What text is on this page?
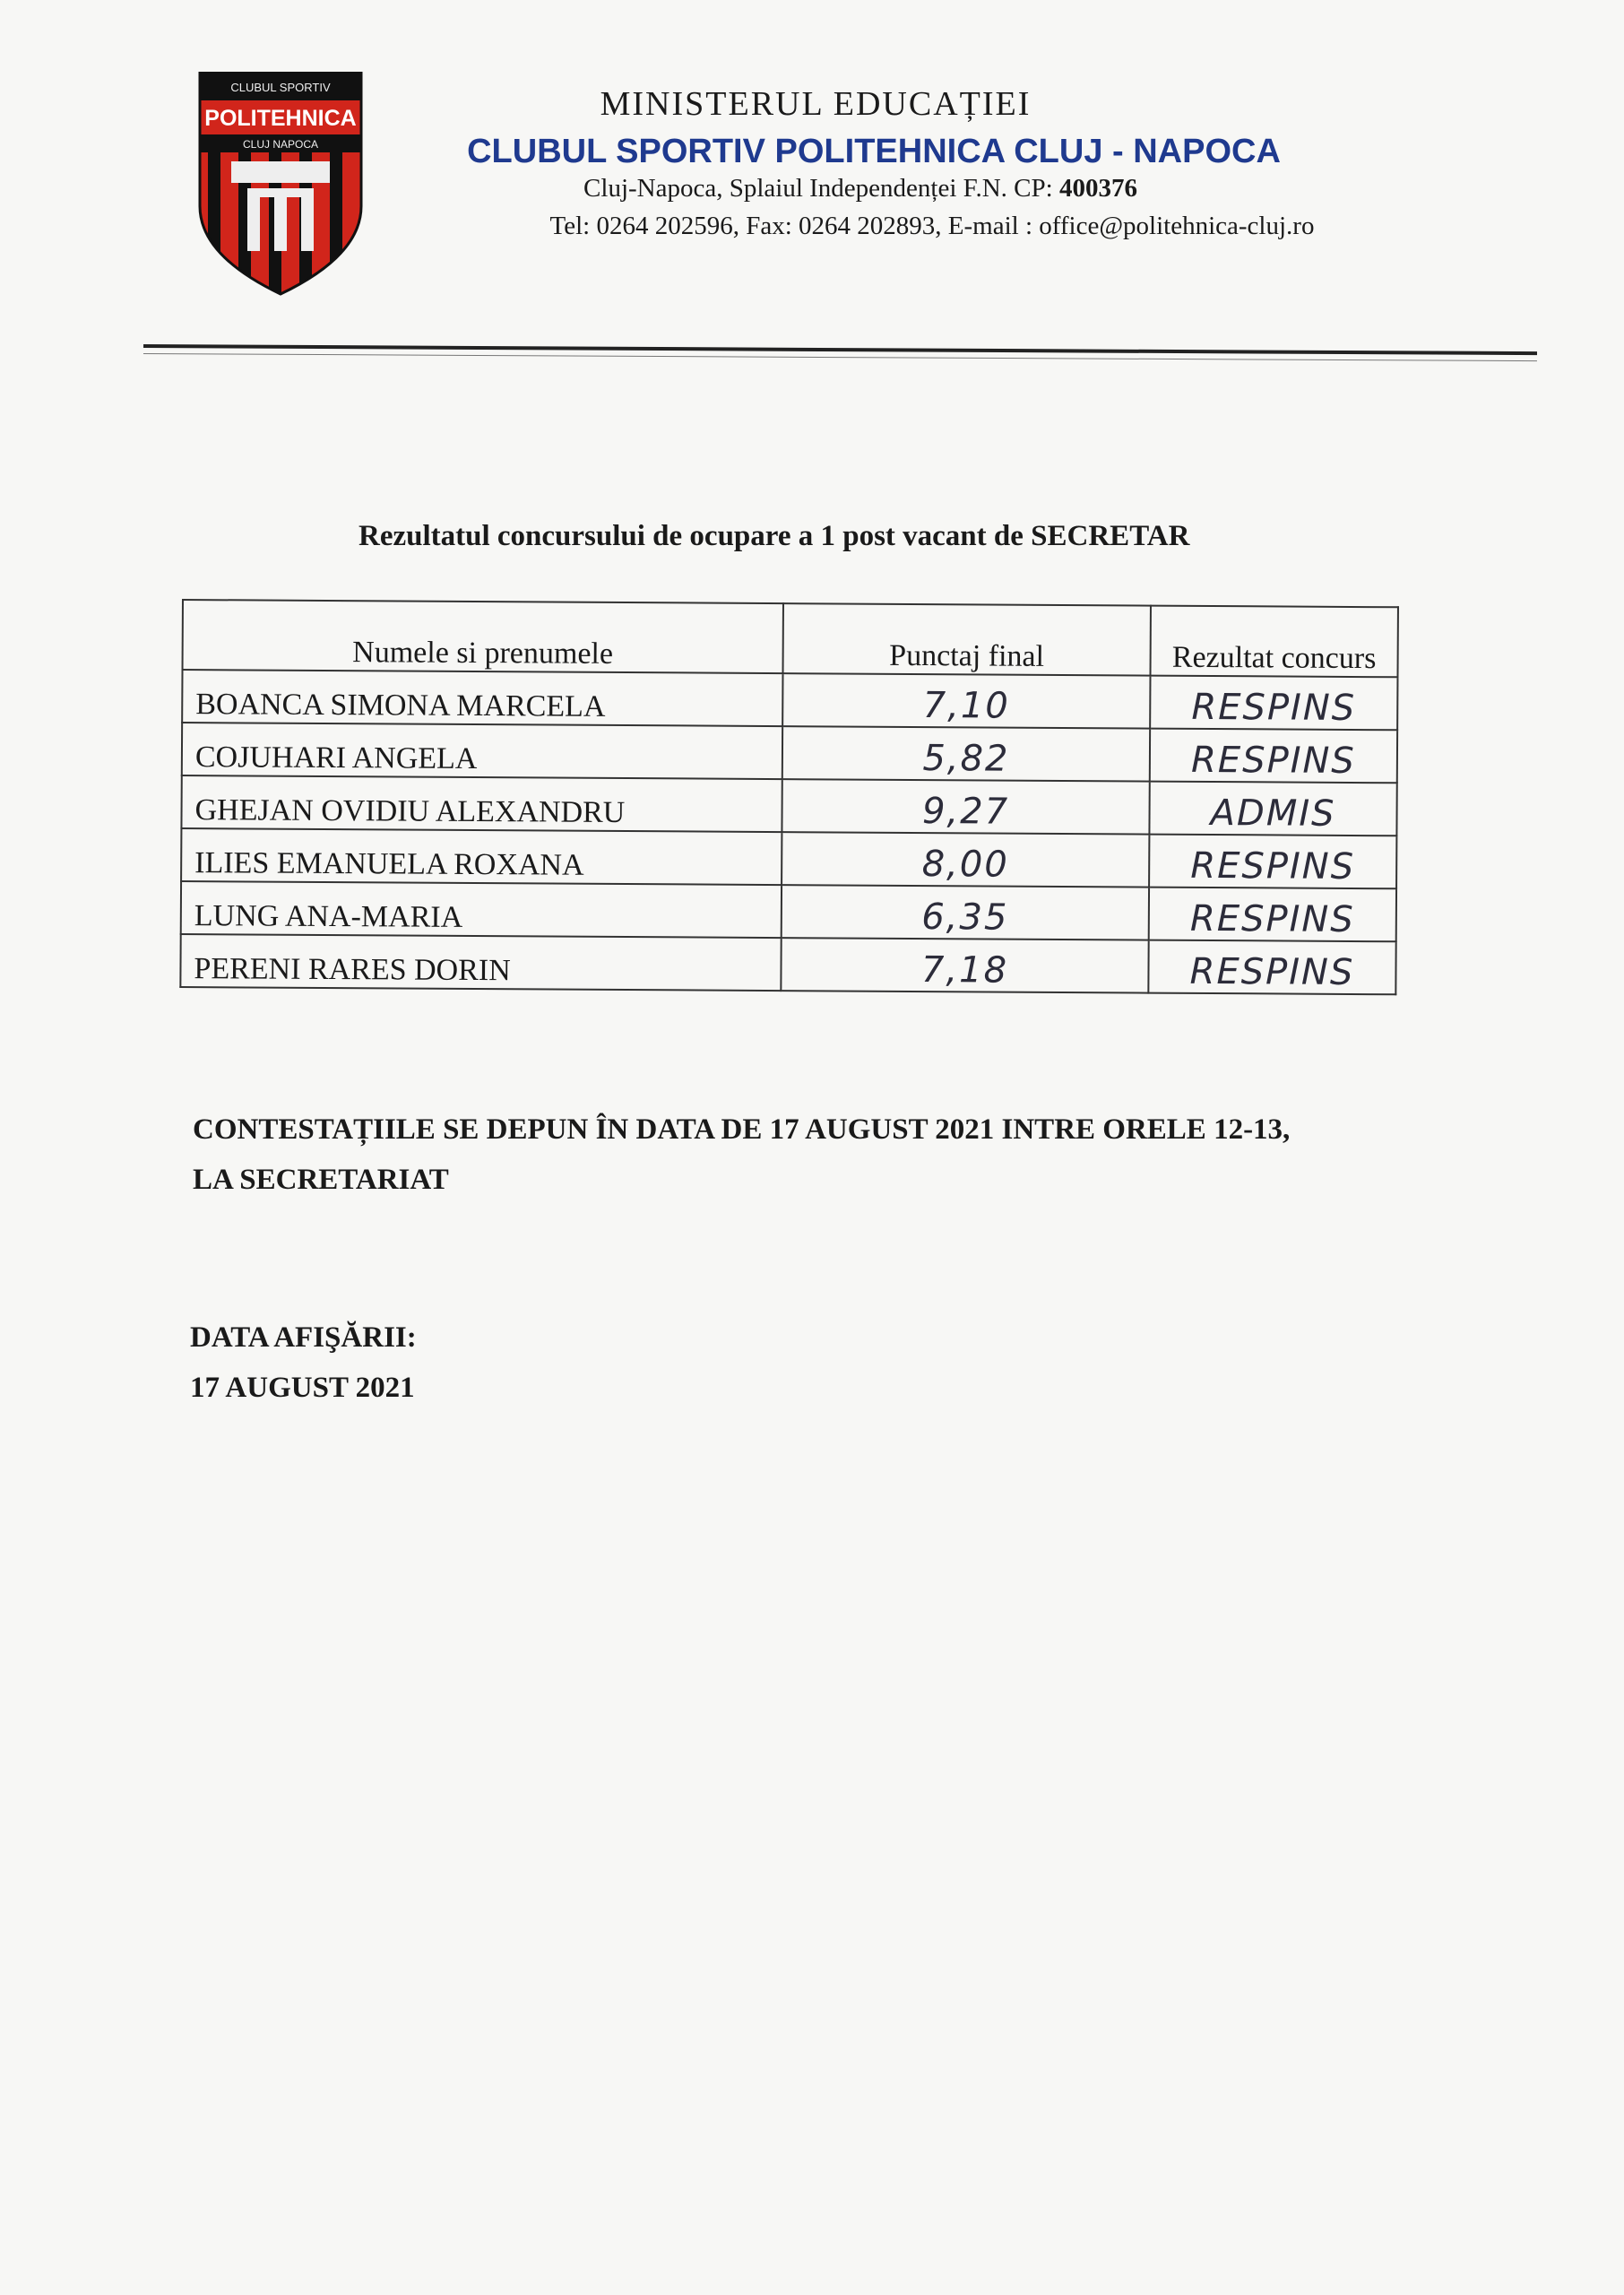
CLUBUL SPORTIV
POLITEHNICA
CLUJ NAPOCA
MINISTERUL EDUCAȚIEI
CLUBUL SPORTIV POLITEHNICA CLUJ - NAPOCA
Cluj-Napoca, Splaiul Independenței F.N. CP: 400376
Tel: 0264 202596, Fax: 0264 202893, E-mail : office@politehnica-cluj.ro
Rezultatul concursului de ocupare a 1 post vacant de SECRETAR
Numele si prenumele	Punctaj final	Rezultat concurs
BOANCA SIMONA MARCELA	7,10	RESPINS
COJUHARI ANGELA	5,82	RESPINS
GHEJAN OVIDIU ALEXANDRU	9,27	ADMIS
ILIES EMANUELA ROXANA	8,00	RESPINS
LUNG ANA-MARIA	6,35	RESPINS
PERENI RARES DORIN	7,18	RESPINS
CONTESTAȚIILE SE DEPUN ÎN DATA DE 17 AUGUST 2021 INTRE ORELE 12-13,
LA SECRETARIAT
DATA AFIŞĂRII:
17 AUGUST 2021
